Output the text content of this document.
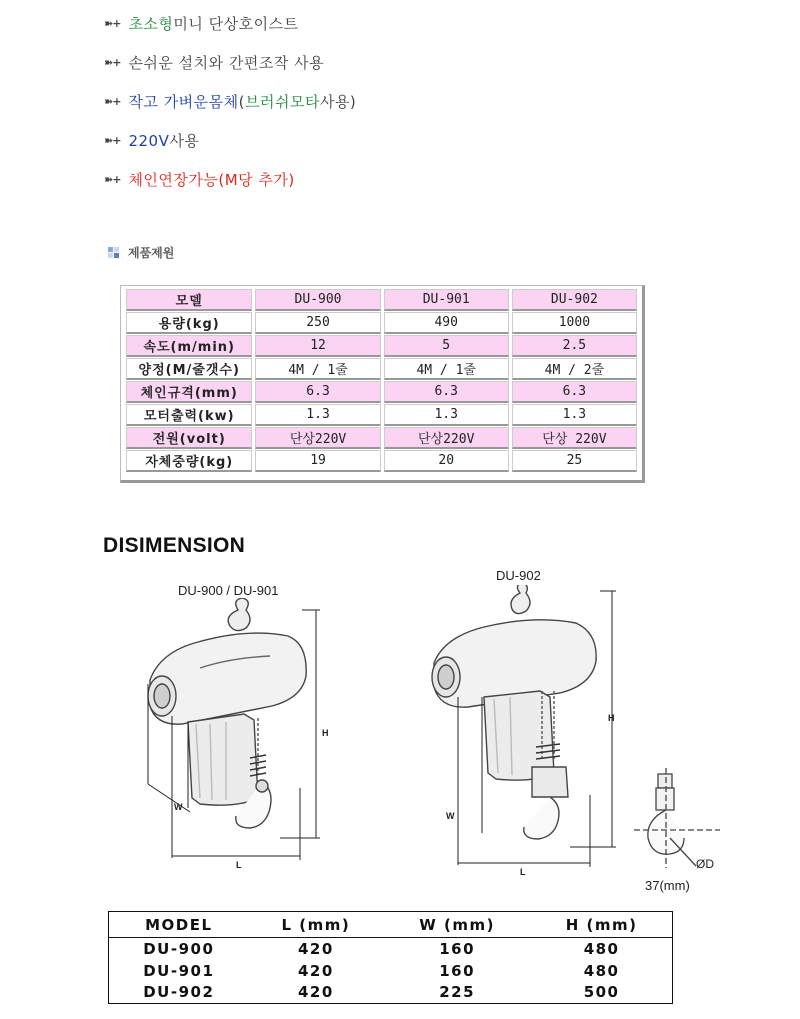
➽+ 초소형 미니 단상호이스트
➽+ 손쉬운 설치와 간편조작 사용
➽+ 작고 가벼운몸체 ( 브러쉬모타 사용)
➽+ 220V 사용
➽+ 체인연장가능(M당 추가)
제품제원
모델	DU-900	DU-901	DU-902
용량(kg)	250	490	1000
속도(m/min)	12	5	2.5
양정(M/줄갯수)	4M / 1줄	4M / 1줄	4M / 2줄
체인규격(mm)	6.3	6.3	6.3
모터출력(kw)	1.3	1.3	1.3
전원(volt)	단상220V	단상220V	단상 220V
자체중량(kg)	19	20	25
DISIMENSION
DU-900 / DU-901
DU-902
37(mm)
H
W
L
H
W
L
ØD
MODEL	L (mm)	W (mm)	H (mm)
DU-900	420	160	480
DU-901	420	160	480
DU-902	420	225	500
